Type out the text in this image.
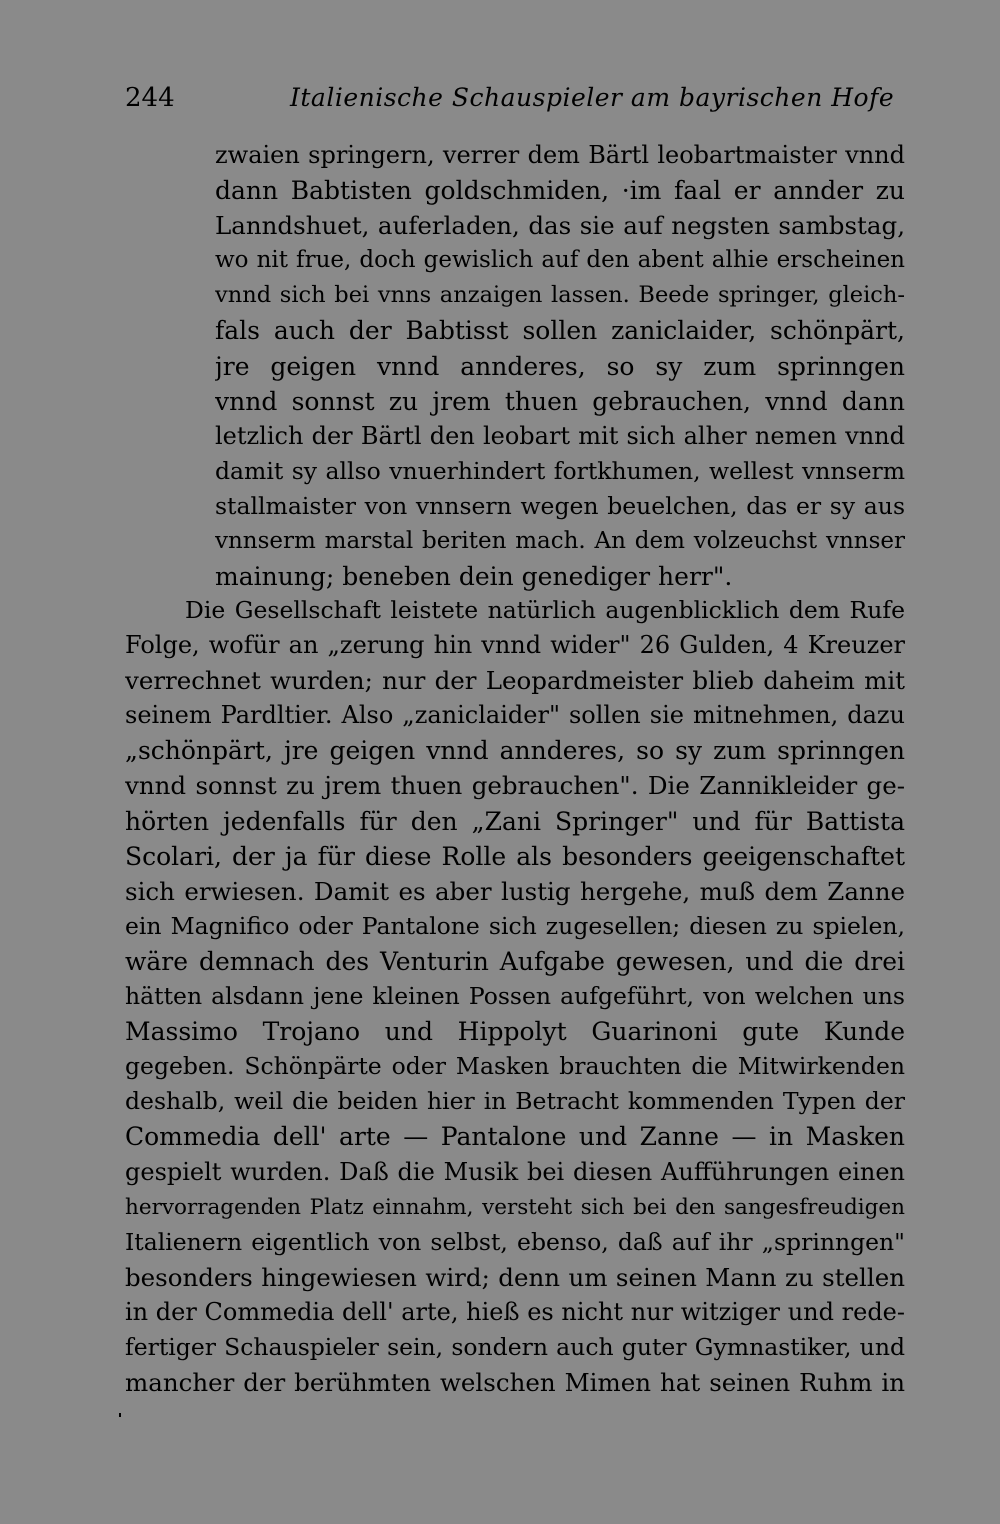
244	Italienische Schauspieler am bayrischen Hofe
zwaien springern, verrer dem Bärtl leobartmaister vnnd
dann Babtisten goldschmiden, ·im faal er annder zu
Lanndshuet, auferladen, das sie auf negsten sambstag,
wo nit frue, doch gewislich auf den abent alhie erscheinen
vnnd sich bei vnns anzaigen lassen. Beede springer, gleich-
fals auch der Babtisst sollen zaniclaider, schönpärt,
jre geigen vnnd annderes, so sy zum sprinngen
vnnd sonnst zu jrem thuen gebrauchen, vnnd dann
letzlich der Bärtl den leobart mit sich alher nemen vnnd
damit sy allso vnuerhindert fortkhumen, wellest vnnserm
stallmaister von vnnsern wegen beuelchen, das er sy aus
vnnserm marstal beriten mach. An dem volzeuchst vnnser
mainung; beneben dein genediger herr".
Die Gesellschaft leistete natürlich augenblicklich dem Rufe
Folge, wofür an „zerung hin vnnd wider" 26 Gulden, 4 Kreuzer
verrechnet wurden; nur der Leopardmeister blieb daheim mit
seinem Pardltier. Also „zaniclaider" sollen sie mitnehmen, dazu
„schönpärt, jre geigen vnnd annderes, so sy zum sprinngen
vnnd sonnst zu jrem thuen gebrauchen". Die Zannikleider ge-
hörten jedenfalls für den „Zani Springer" und für Battista
Scolari, der ja für diese Rolle als besonders geeigenschaftet
sich erwiesen. Damit es aber lustig hergehe, muß dem Zanne
ein Magnifico oder Pantalone sich zugesellen; diesen zu spielen,
wäre demnach des Venturin Aufgabe gewesen, und die drei
hätten alsdann jene kleinen Possen aufgeführt, von welchen uns
Massimo Trojano und Hippolyt Guarinoni gute Kunde
gegeben. Schönpärte oder Masken brauchten die Mitwirkenden
deshalb, weil die beiden hier in Betracht kommenden Typen der
Commedia dell' arte — Pantalone und Zanne — in Masken
gespielt wurden. Daß die Musik bei diesen Aufführungen einen
hervorragenden Platz einnahm, versteht sich bei den sangesfreudigen
Italienern eigentlich von selbst, ebenso, daß auf ihr „sprinngen"
besonders hingewiesen wird; denn um seinen Mann zu stellen
in der Commedia dell' arte, hieß es nicht nur witziger und rede-
fertiger Schauspieler sein, sondern auch guter Gymnastiker, und
mancher der berühmten welschen Mimen hat seinen Ruhm in
